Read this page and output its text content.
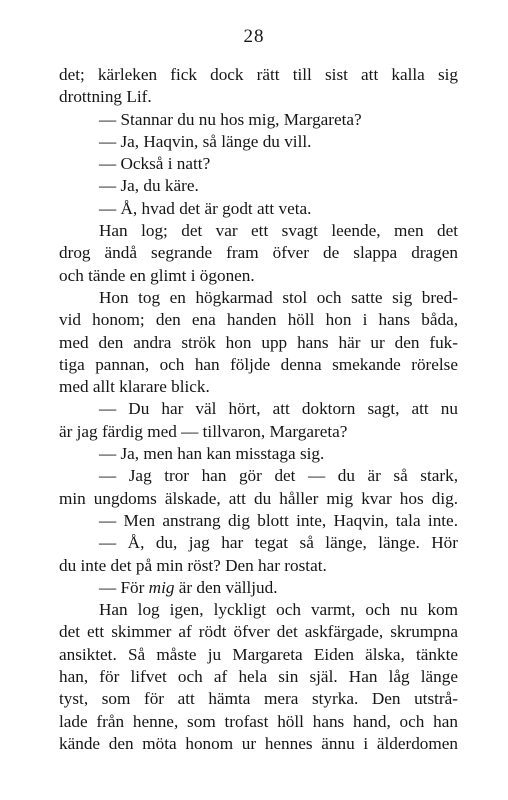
28
det; kärleken fick dock rätt till sist att kalla sig
drottning Lif.
— Stannar du nu hos mig, Margareta?
— Ja, Haqvin, så länge du vill.
— Också i natt?
— Ja, du käre.
— Å, hvad det är godt att veta.
Han log; det var ett svagt leende, men det
drog ändå segrande fram öfver de slappa dragen
och tände en glimt i ögonen.
Hon tog en högkarmad stol och satte sig bred-
vid honom; den ena handen höll hon i hans båda,
med den andra strök hon upp hans här ur den fuk-
tiga pannan, och han följde denna smekande rörelse
med allt klarare blick.
— Du har väl hört, att doktorn sagt, att nu
är jag färdig med — tillvaron, Margareta?
— Ja, men han kan misstaga sig.
— Jag tror han gör det — du är så stark,
min ungdoms älskade, att du håller mig kvar hos dig.
— Men anstrang dig blott inte, Haqvin, tala inte.
— Å, du, jag har tegat så länge, länge. Hör
du inte det på min röst? Den har rostat.
— För mig är den välljud.
Han log igen, lyckligt och varmt, och nu kom
det ett skimmer af rödt öfver det askfärgade, skrumpna
ansiktet. Så måste ju Margareta Eiden älska, tänkte
han, för lifvet och af hela sin själ. Han låg länge
tyst, som för att hämta mera styrka. Den utstrå-
lade från henne, som trofast höll hans hand, och han
kände den möta honom ur hennes ännu i älderdomen
